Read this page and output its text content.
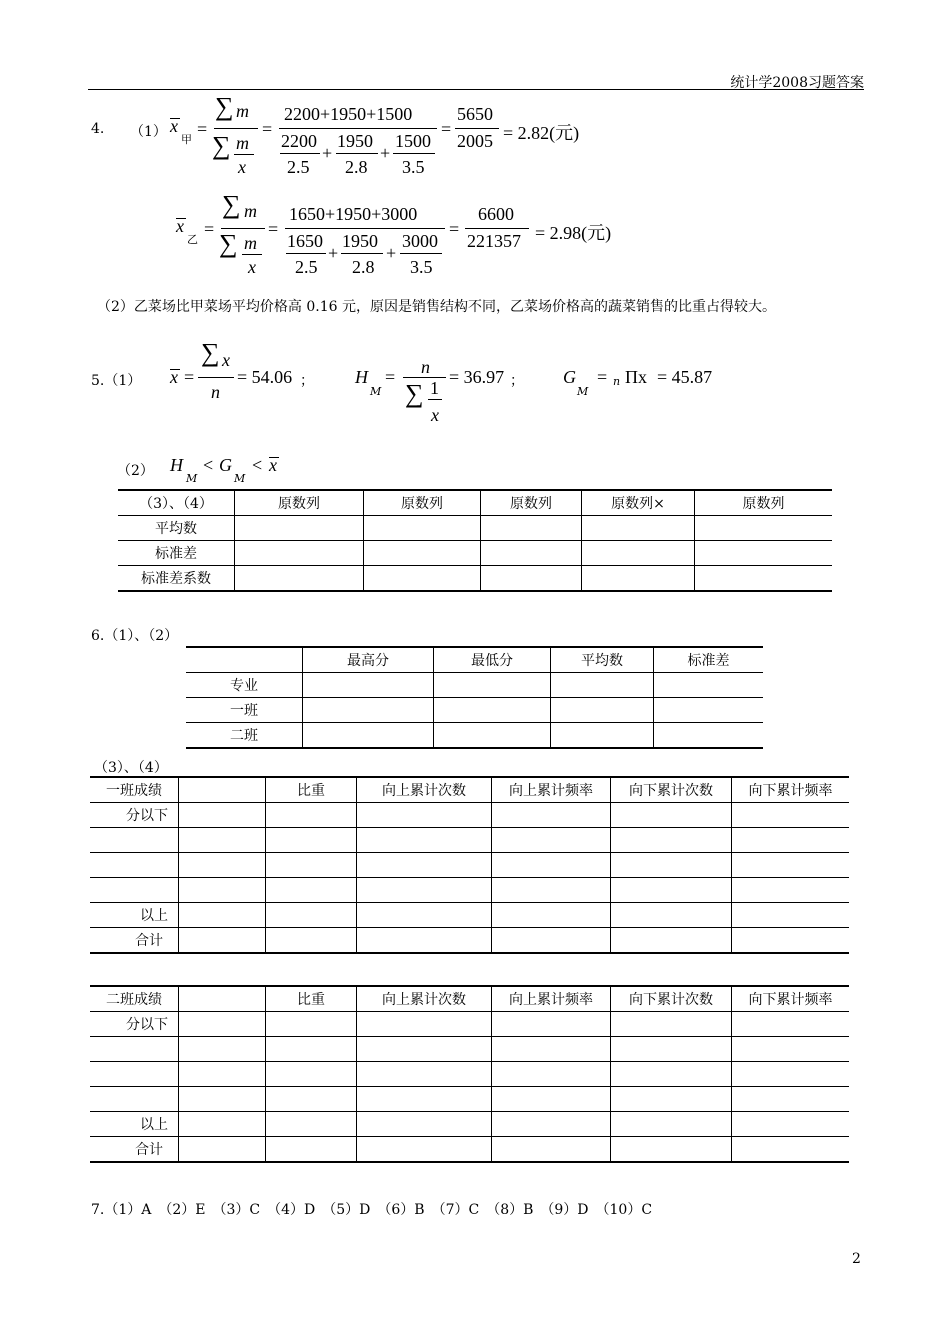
统计学2008习题答案
4. （1） x
甲
=
∑ m
∑ m
x
=
2200+1950+1500
2200
2.5
+
1950
2.8
+
1500
3.5
=
5650
2005 = 2.82(元)
x
乙
=
∑ m
∑ m
x
=
1650+1950+3000
1650
2.5
+
1950
2.8
+
3000
3.5
=
6600
221357 = 2.98(元)
（2）乙菜场比甲菜场平均价格高 0.16 元，原因是销售结构不同，乙菜场价格高的蔬菜销售的比重占得较大。
5.（1） x =
∑ x
n
= 54.06 ； H
M
= n
∑ 1
x
= 36.97 ； G
M
= n Πx = 45.87
（2） H
M
< G
M
< x
（3）、（4）	原数列	原数列	原数列	原数列×	原数列
平均数					
标准差					
标准差系数					
6.（1）、（2）
	最高分	最低分	平均数	标准差
专业				
一班				
二班				
（3）、（4）
一班成绩		比重	向上累计次数	向上累计频率	向下累计次数	向下累计频率
分以下						

以上						
合计						
二班成绩		比重	向上累计次数	向上累计频率	向下累计次数	向下累计频率
分以下						

以上						
合计						
7.（1）A　（2）E　（3）C　（4）D　（5）D　（6）B　（7）C　（8）B　（9）D　（10）C
2
